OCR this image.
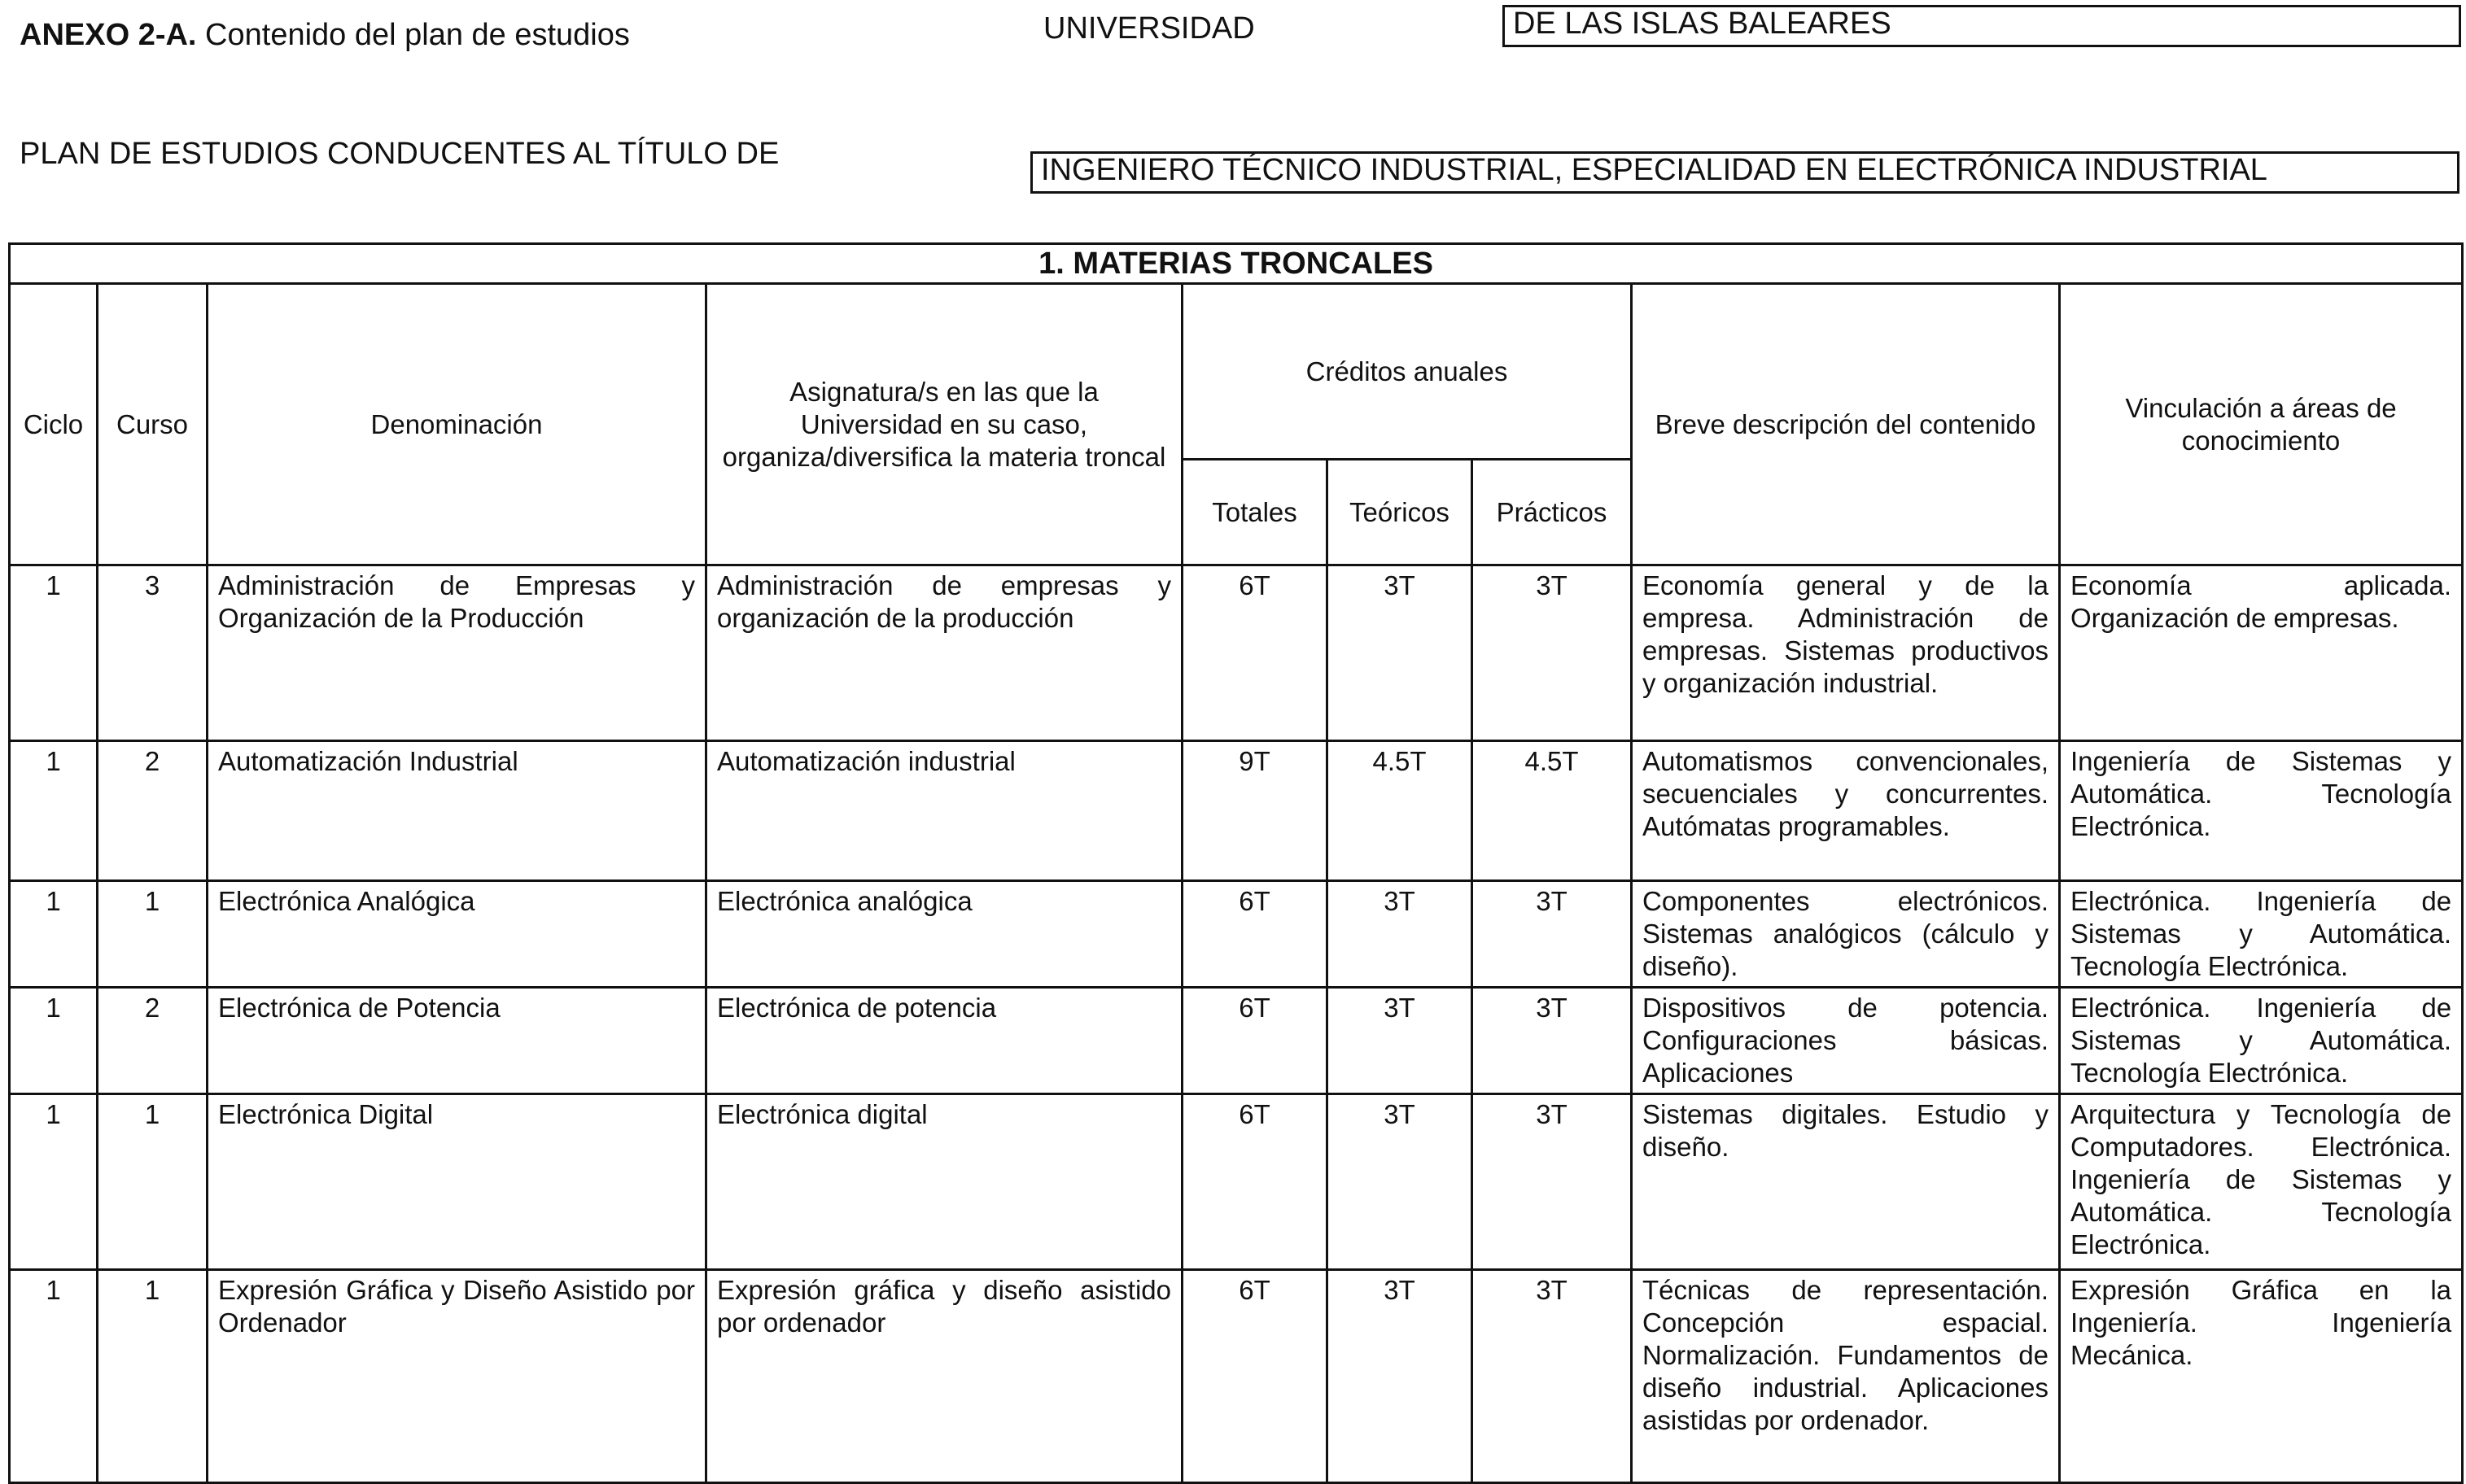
ANEXO 2-A. Contenido del plan de estudios	UNIVERSIDAD	DE LAS ISLAS BALEARES
PLAN DE ESTUDIOS CONDUCENTES AL TÍTULO DE	INGENIERO TÉCNICO INDUSTRIAL, ESPECIALIDAD EN ELECTRÓNICA INDUSTRIAL
1. MATERIAS TRONCALES								
Ciclo	Curso	Denominación	Asignatura/s en las que la Universidad en su caso, organiza/diversifica la materia troncal	Créditos anuales			Breve descripción del contenido	Vinculación a áreas de conocimiento
				Totales	Teóricos	Prácticos		
1	3	Administración de Empresas y Organización de la Producción	Administración de empresas y organización de la producción	6T	3T	3T	Economía general y de la empresa. Administración de empresas. Sistemas productivos y organización industrial.	Economía aplicada. Organización de empresas.
1	2	Automatización Industrial	Automatización industrial	9T	4.5T	4.5T	Automatismos convencionales, secuenciales y concurrentes. Autómatas programables.	Ingeniería de Sistemas y Automática. Tecnología Electrónica.
1	1	Electrónica Analógica	Electrónica analógica	6T	3T	3T	Componentes electrónicos. Sistemas analógicos (cálculo y diseño).	Electrónica. Ingeniería de Sistemas y Automática. Tecnología Electrónica.
1	2	Electrónica de Potencia	Electrónica de potencia	6T	3T	3T	Dispositivos de potencia. Configuraciones básicas. Aplicaciones	Electrónica. Ingeniería de Sistemas y Automática. Tecnología Electrónica.
1	1	Electrónica Digital	Electrónica digital	6T	3T	3T	Sistemas digitales. Estudio y diseño.	Arquitectura y Tecnología de Computadores. Electrónica. Ingeniería de Sistemas y Automática. Tecnología Electrónica.
1	1	Expresión Gráfica y Diseño Asistido por Ordenador	Expresión gráfica y diseño asistido por ordenador	6T	3T	3T	Técnicas de representación. Concepción espacial. Normalización. Fundamentos de diseño industrial. Aplicaciones asistidas por ordenador.	Expresión Gráfica en la Ingeniería. Ingeniería Mecánica.
